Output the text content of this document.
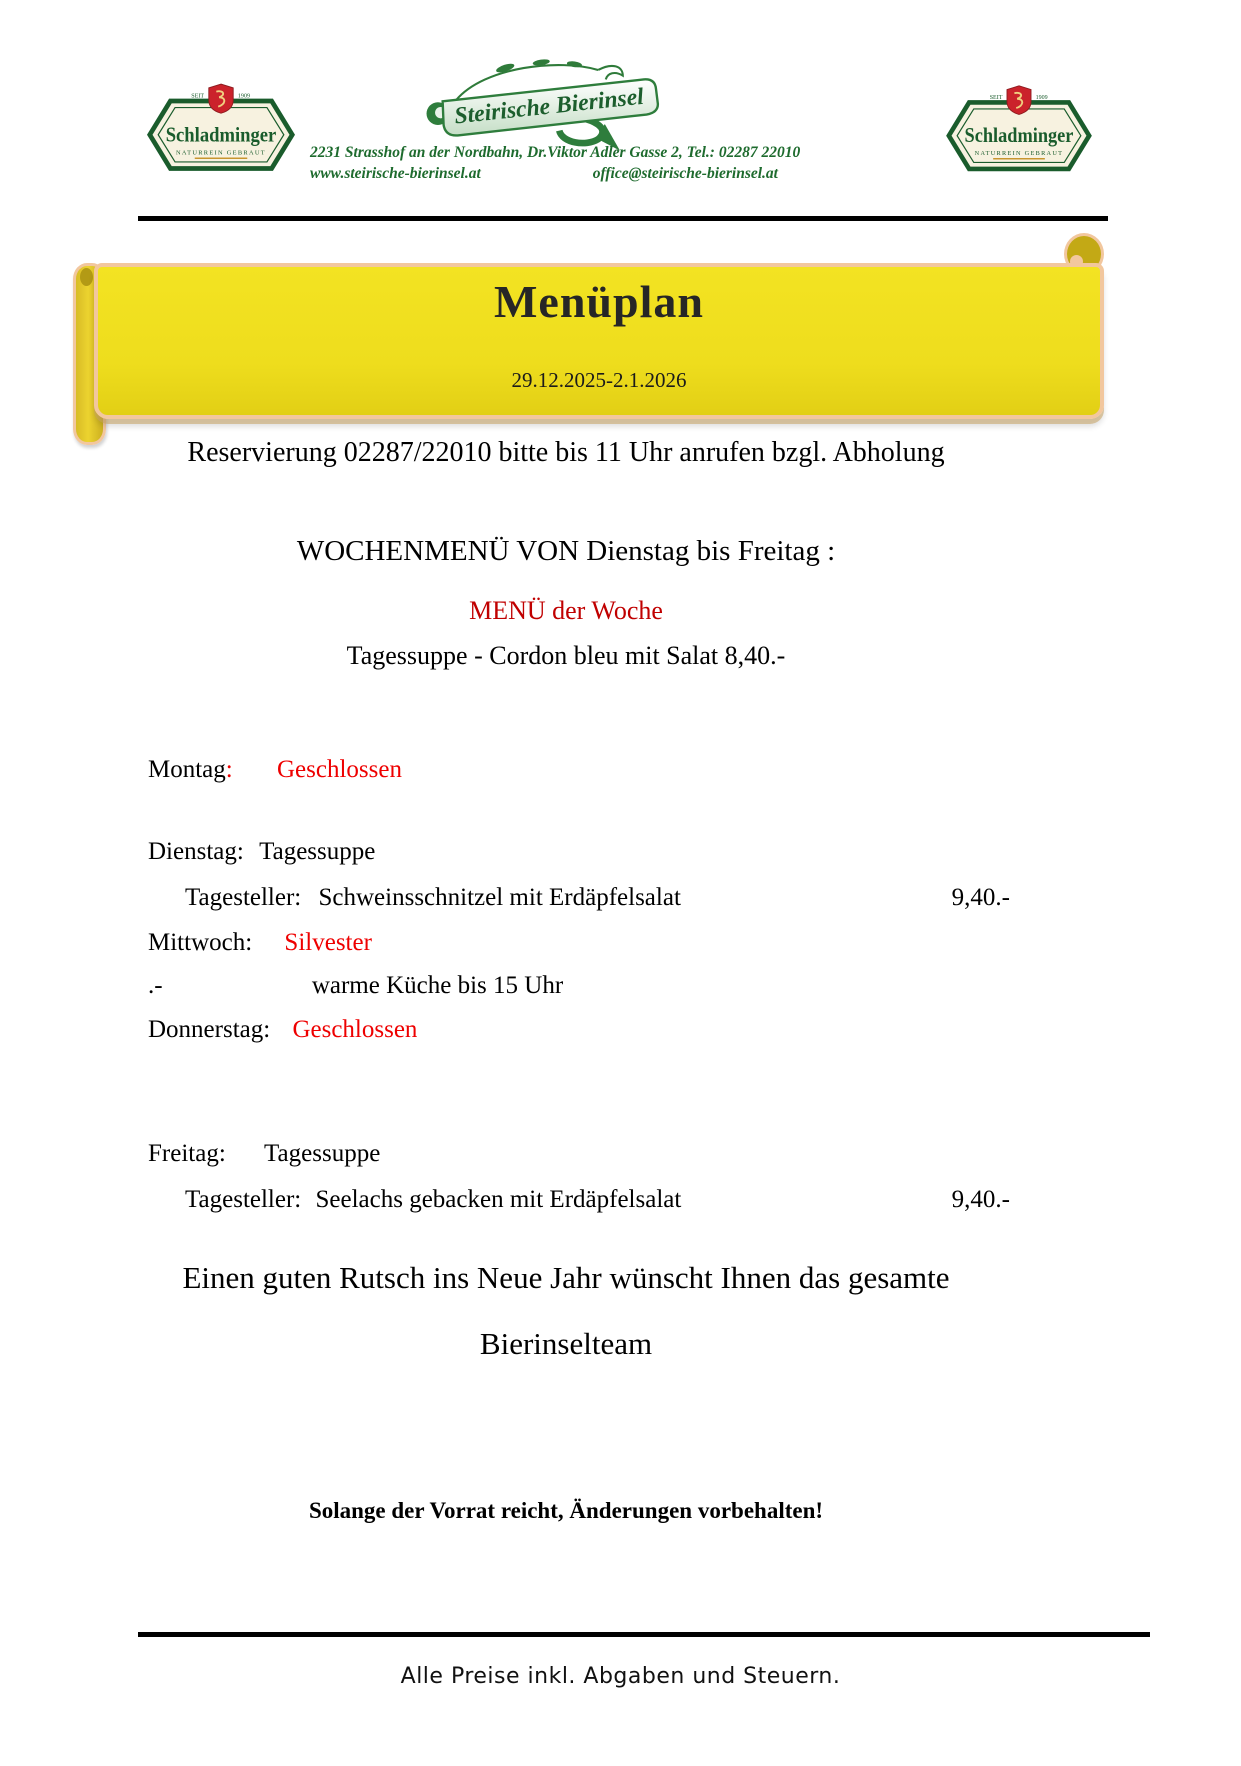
SEIT	1909
Schladminger
NATURREIN GEBRAUT
Steirische Bierinsel
2231 Strasshof an der Nordbahn, Dr.Viktor Adler Gasse 2, Tel.: 02287 22010
www.steirische-bierinsel.at	office@steirische-bierinsel.at
SEIT	1909
Schladminger
NATURREIN GEBRAUT
Menüplan
29.12.2025-2.1.2026
Reservierung 02287/22010 bitte bis 11 Uhr anrufen bzgl. Abholung
WOCHENMENÜ VON Dienstag bis Freitag :
MENÜ der Woche
Tagessuppe - Cordon bleu mit Salat 8,40.-
Montag: Geschlossen
Dienstag: Tagessuppe
Tagesteller: Schweinsschnitzel mit Erdäpfelsalat	9,40.-
Mittwoch: Silvester
.-	warme Küche bis 15 Uhr
Donnerstag: Geschlossen
Freitag: Tagessuppe
Tagesteller: Seelachs gebacken mit Erdäpfelsalat	9,40.-
Einen guten Rutsch ins Neue Jahr wünscht Ihnen das gesamte
Bierinselteam
Solange der Vorrat reicht, Änderungen vorbehalten!
Alle Preise inkl. Abgaben und Steuern.
